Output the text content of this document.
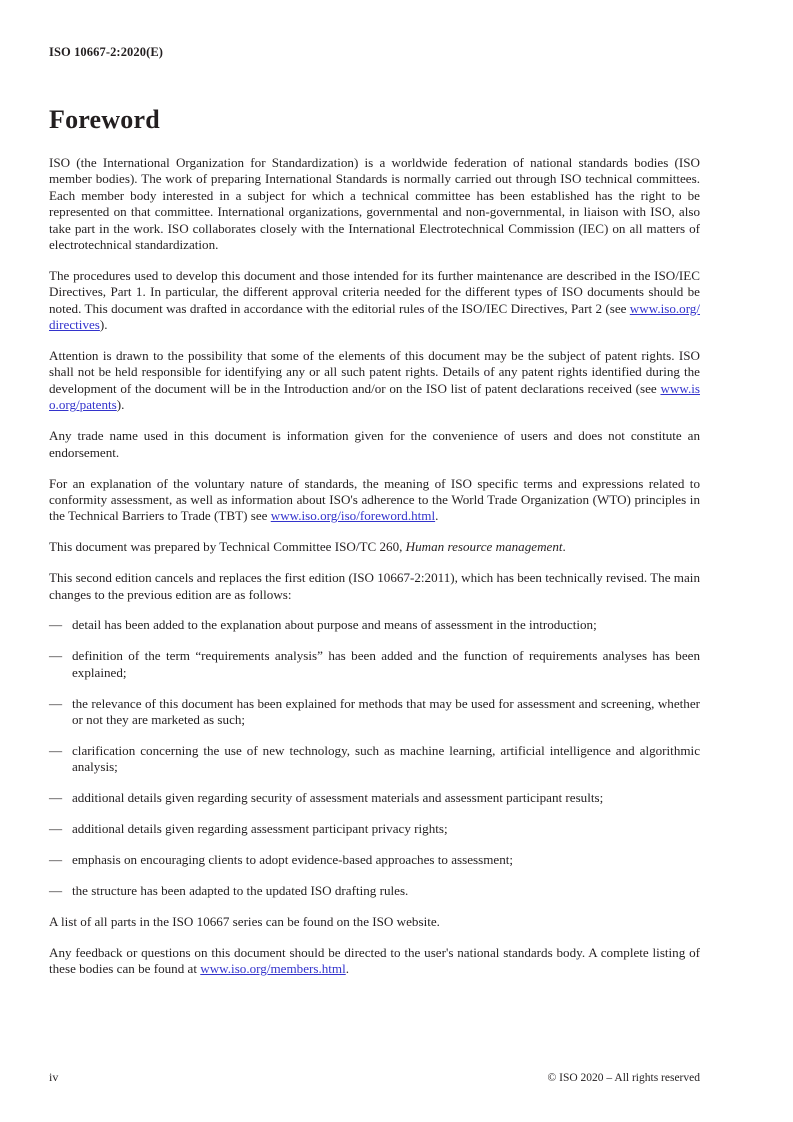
ISO 10667-2:2020(E)
Foreword

ISO (the International Organization for Standardization) is a worldwide federation of national standards bodies (ISO member bodies). The work of preparing International Standards is normally carried out through ISO technical committees. Each member body interested in a subject for which a technical committee has been established has the right to be represented on that committee. International organizations, governmental and non-governmental, in liaison with ISO, also take part in the work. ISO collaborates closely with the International Electrotechnical Commission (IEC) on all matters of electrotechnical standardization.

The procedures used to develop this document and those intended for its further maintenance are described in the ISO/IEC Directives, Part 1. In particular, the different approval criteria needed for the different types of ISO documents should be noted. This document was drafted in accordance with the editorial rules of the ISO/IEC Directives, Part 2 (see www.iso.org/directives).

Attention is drawn to the possibility that some of the elements of this document may be the subject of patent rights. ISO shall not be held responsible for identifying any or all such patent rights. Details of any patent rights identified during the development of the document will be in the Introduction and/or on the ISO list of patent declarations received (see www.iso.org/patents).

Any trade name used in this document is information given for the convenience of users and does not constitute an endorsement.

For an explanation of the voluntary nature of standards, the meaning of ISO specific terms and expressions related to conformity assessment, as well as information about ISO's adherence to the World Trade Organization (WTO) principles in the Technical Barriers to Trade (TBT) see www.iso.org/iso/foreword.html.

This document was prepared by Technical Committee ISO/TC 260, Human resource management.

This second edition cancels and replaces the first edition (ISO 10667-2:2011), which has been technically revised. The main changes to the previous edition are as follows:

— detail has been added to the explanation about purpose and means of assessment in the introduction;
— definition of the term “requirements analysis” has been added and the function of requirements analyses has been explained;
— the relevance of this document has been explained for methods that may be used for assessment and screening, whether or not they are marketed as such;
— clarification concerning the use of new technology, such as machine learning, artificial intelligence and algorithmic analysis;
— additional details given regarding security of assessment materials and assessment participant results;
— additional details given regarding assessment participant privacy rights;
— emphasis on encouraging clients to adopt evidence-based approaches to assessment;
— the structure has been adapted to the updated ISO drafting rules.

A list of all parts in the ISO 10667 series can be found on the ISO website.

Any feedback or questions on this document should be directed to the user's national standards body. A complete listing of these bodies can be found at www.iso.org/members.html.

iv	© ISO 2020 – All rights reserved
